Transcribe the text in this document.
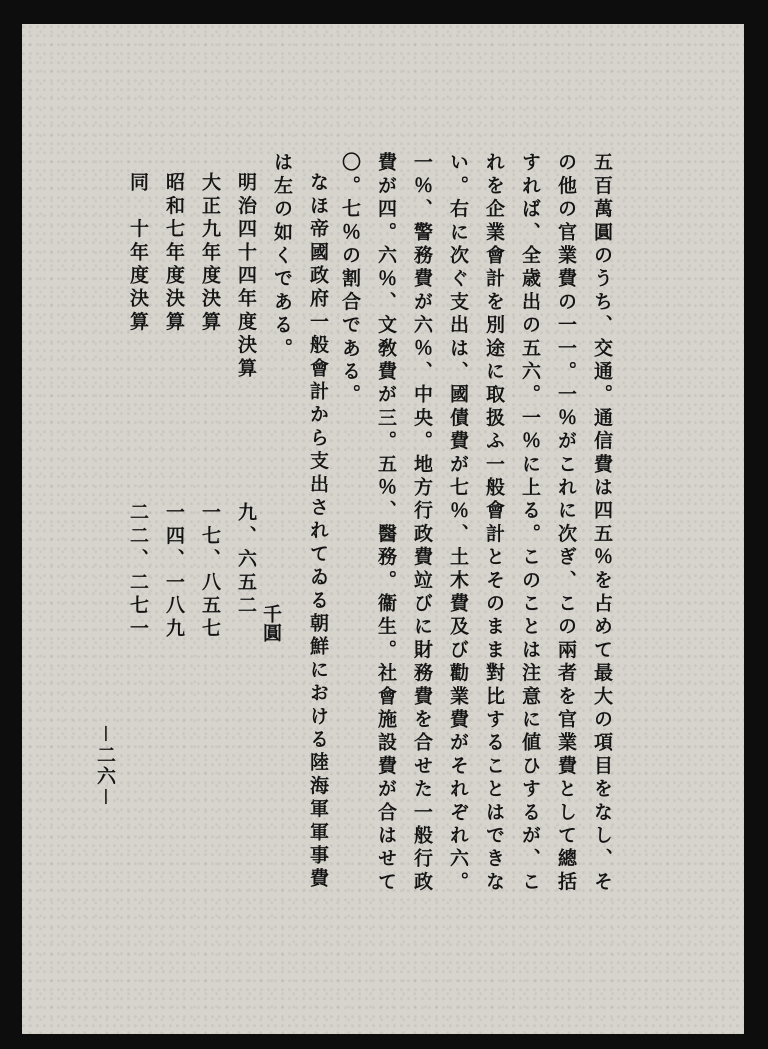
五百萬圓のうち、交通。通信費は四五％を占めて最大の項目をなし、そ
の他の官業費の一一。一％がこれに次ぎ、この兩者を官業費として總括
すれば、全歳出の五六。一％に上る。このことは注意に値ひするが、こ
れを企業會計を別途に取扱ふ一般會計とそのまま對比することはできな
い。右に次ぐ支出は、國債費が七％、土木費及び勸業費がそれぞれ六。
一％、警務費が六％、中央。地方行政費竝びに財務費を合せた一般行政
費が四。六％、文敎費が三。五％、醫務。衞生。社會施設費が合はせて
〇。七％の割合である。
なほ帝國政府一般會計から支出されてゐる朝鮮における陸海軍軍事費
は左の如くである。
明治四十四年度決算
九、六五二
千圓
大正九年度決算
一七、八五七
昭和七年度決算
一四、一八九
同　十年度決算
二二、二七一
－二六－
